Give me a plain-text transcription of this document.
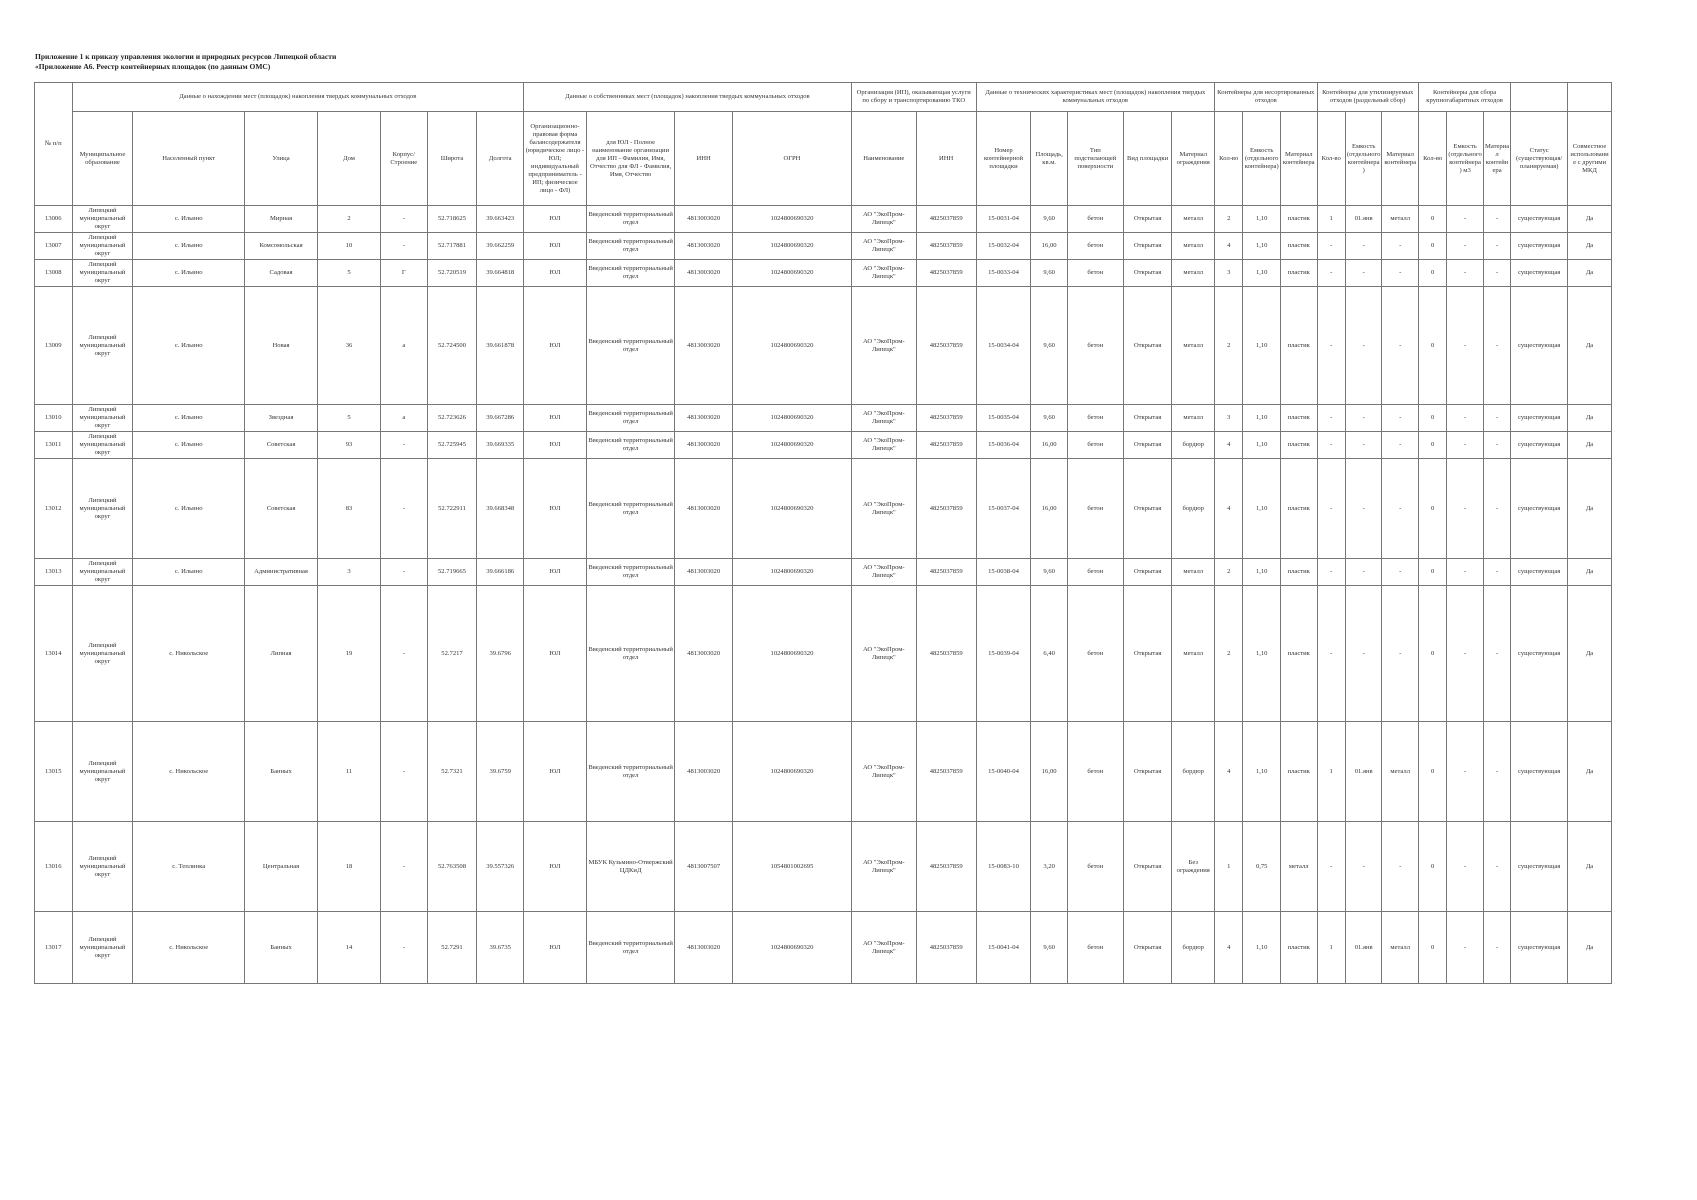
Приложение 1 к приказу управления экологии и природных ресурсов Липецкой области
«Приложение А6. Реестр контейнерных площадок (по данным ОМС)
№ п/п	Данные о нахождении мест (площадок) накопления твердых коммунальных отходов							Данные о собственниках мест (площадок) накопления твердых коммунальных отходов				Организация (ИП), оказывающая услуги по сбору и транспортированию ТКО		Данные о технических характеристиках мест (площадок) накопления твердых коммунальных отходов					Контейнеры для несортированных отходов			Контейнеры для утилизируемых отходов (раздельный сбор)			Контейнеры для сбора крупногабаритных отходов				
	Муниципальное образование	Населенный пункт	Улица	Дом	Корпус/Строение	Широта	Долгота	Организационно-правовая форма балансодержателя (юридическое лицо - ЮЛ; индивидуальный предприниматель - ИП; физическое лицо - ФЛ)	для ЮЛ - Полное наименование организации для ИП - Фамилия, Имя, Отчество для ФЛ - Фамилия, Имя, Отчество	ИНН	ОГРН	Наименование	ИНН	Номер контейнерной площадки	Площадь, кв.м.	Тип подстилающей поверхности	Вид площадки	Материал ограждения	Кол-во	Емкость (отдельного контейнера)	Материал контейнера	Кол-во	Емкость (отдельного контейнера)	Материал контейнера	Кол-во	Емкость (отдельного контейнера) м3	Материал контейнера	Статус (существующая/ планируемая)	Совместное использование с другими МКД
13006	Липецкий муниципальный округ	с. Ильино	Мирная	2	-	52.718625	39.663423	ЮЛ	Введенский территориальный отдел	4813003020	1024800690320	АО "ЭкоПром-Липецк"	4825037859	15-0031-04	9,60	бетон	Открытая	металл	2	1,10	пластик	1	01.янв	металл	0	-	-	существующая	Да
13007	Липецкий муниципальный округ	с. Ильино	Комсомольская	10	-	52.717881	39.662259	ЮЛ	Введенский территориальный отдел	4813003020	1024800690320	АО "ЭкоПром-Липецк"	4825037859	15-0032-04	16,00	бетон	Открытая	металл	4	1,10	пластик	-	-	-	0	-	-	существующая	Да
13008	Липецкий муниципальный округ	с. Ильино	Садовая	5	Г	52.720519	39.664818	ЮЛ	Введенский территориальный отдел	4813003020	1024800690320	АО "ЭкоПром-Липецк"	4825037859	15-0033-04	9,60	бетон	Открытая	металл	3	1,10	пластик	-	-	-	0	-	-	существующая	Да
13009	Липецкий муниципальный округ	с. Ильино	Новая	36	а	52.724500	39.661878	ЮЛ	Введенский территориальный отдел	4813003020	1024800690320	АО "ЭкоПром-Липецк"	4825037859	15-0034-04	9,60	бетон	Открытая	металл	2	1,10	пластик	-	-	-	0	-	-	существующая	Да
13010	Липецкий муниципальный округ	с. Ильино	Звездная	5	а	52.723626	39.667286	ЮЛ	Введенский территориальный отдел	4813003020	1024800690320	АО "ЭкоПром-Липецк"	4825037859	15-0035-04	9,60	бетон	Открытая	металл	3	1,10	пластик	-	-	-	0	-	-	существующая	Да
13011	Липецкий муниципальный округ	с. Ильино	Советская	93	-	52.725945	39.669335	ЮЛ	Введенский территориальный отдел	4813003020	1024800690320	АО "ЭкоПром-Липецк"	4825037859	15-0036-04	16,00	бетон	Открытая	бордюр	4	1,10	пластик	-	-	-	0	-	-	существующая	Да
13012	Липецкий муниципальный округ	с. Ильино	Советская	83	-	52.722911	39.668348	ЮЛ	Введенский территориальный отдел	4813003020	1024800690320	АО "ЭкоПром-Липецк"	4825037859	15-0037-04	16,00	бетон	Открытая	бордюр	4	1,10	пластик	-	-	-	0	-	-	существующая	Да
13013	Липецкий муниципальный округ	с. Ильино	Административная	3	-	52.719665	39.666186	ЮЛ	Введенский территориальный отдел	4813003020	1024800690320	АО "ЭкоПром-Липецк"	4825037859	15-0038-04	9,60	бетон	Открытая	металл	2	1,10	пластик	-	-	-	0	-	-	существующая	Да
13014	Липецкий муниципальный округ	с. Никольское	Липная	19	-	52.7217	39.6796	ЮЛ	Введенский территориальный отдел	4813003020	1024800690320	АО "ЭкоПром-Липецк"	4825037859	15-0039-04	6,40	бетон	Открытая	металл	2	1,10	пластик	-	-	-	0	-	-	существующая	Да
13015	Липецкий муниципальный округ	с. Никольское	Банных	11	-	52.7321	39.6759	ЮЛ	Введенский территориальный отдел	4813003020	1024800690320	АО "ЭкоПром-Липецк"	4825037859	15-0040-04	16,00	бетон	Открытая	бордюр	4	1,10	пластик	1	01.янв	металл	0	-	-	существующая	Да
13016	Липецкий муниципальный округ	с. Теплинка	Центральная	18	-	52.763508	39.557326	ЮЛ	МБУК Кузьмино-Отвержский ЦДКиД	4813007507	1054801002695	АО "ЭкоПром-Липецк"	4825037859	15-0083-10	3,20	бетон	Открытая	Без ограждения	1	0,75	металл	-	-	-	0	-	-	существующая	Да
13017	Липецкий муниципальный округ	с. Никольское	Банных	14	-	52.7291	39.6735	ЮЛ	Введенский территориальный отдел	4813003020	1024800690320	АО "ЭкоПром-Липецк"	4825037859	15-0041-04	9,60	бетон	Открытая	бордюр	4	1,10	пластик	1	01.янв	металл	0	-	-	существующая	Да
